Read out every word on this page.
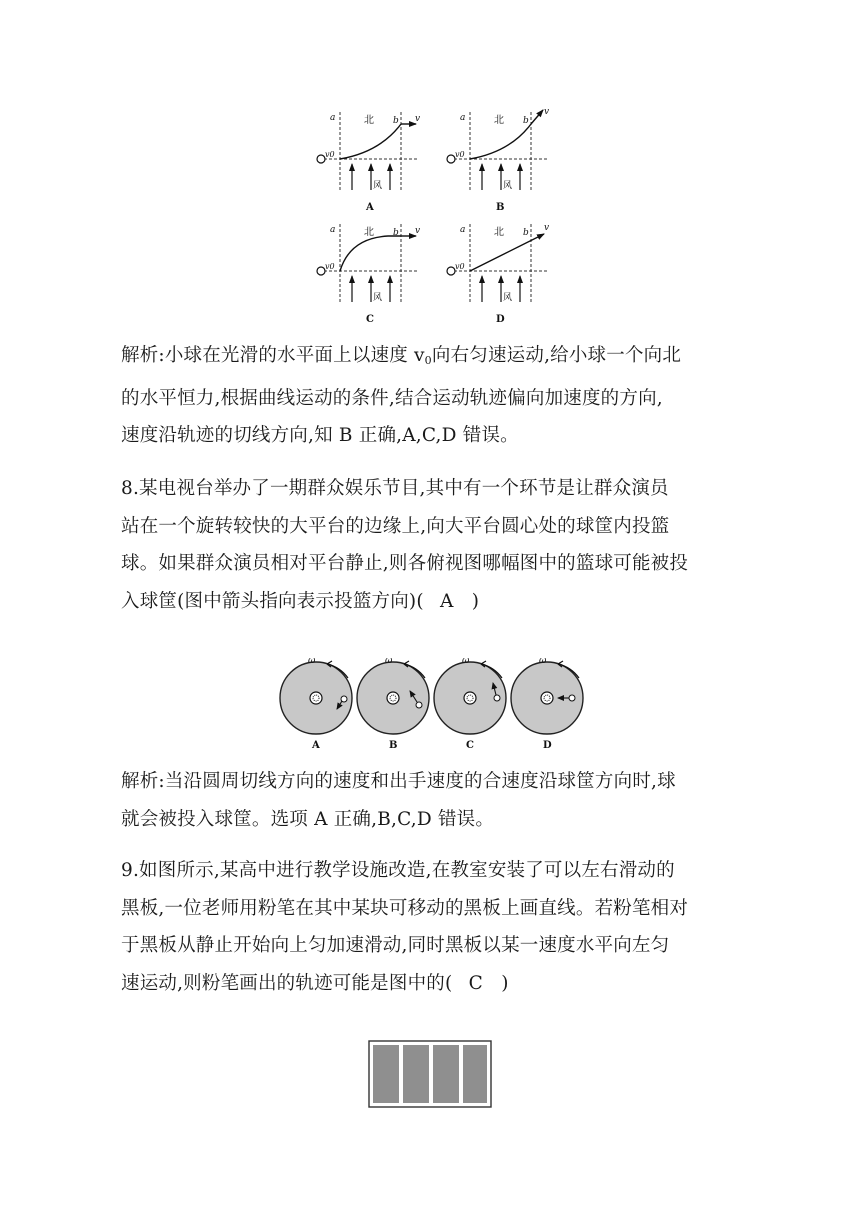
a	北 b v
v0
风
A
a	北 b
v
v0
风
B
a	北 b v
v0
风
C
a	北 b v
v0
风
D
解析:小球在光滑的水平面上以速度 $v_0$向右匀速运动,给小球一个向北
的水平恒力,根据曲线运动的条件,结合运动轨迹偏向加速度的方向,
速度沿轨迹的切线方向,知 B 正确,A,C,D 错误。
8.某电视台举办了一期群众娱乐节目,其中有一个环节是让群众演员
站在一个旋转较快的大平台的边缘上,向大平台圆心处的球筐内投篮
球。如果群众演员相对平台静止,则各俯视图哪幅图中的篮球可能被投
入球筐(图中箭头指向表示投篮方向)( A )
ω
A
ω
B
ω
C
ω
D
解析:当沿圆周切线方向的速度和出手速度的合速度沿球筐方向时,球
就会被投入球筐。选项 A 正确,B,C,D 错误。
9.如图所示,某高中进行教学设施改造,在教室安装了可以左右滑动的
黑板,一位老师用粉笔在其中某块可移动的黑板上画直线。若粉笔相对
于黑板从静止开始向上匀加速滑动,同时黑板以某一速度水平向左匀
速运动,则粉笔画出的轨迹可能是图中的( C )
